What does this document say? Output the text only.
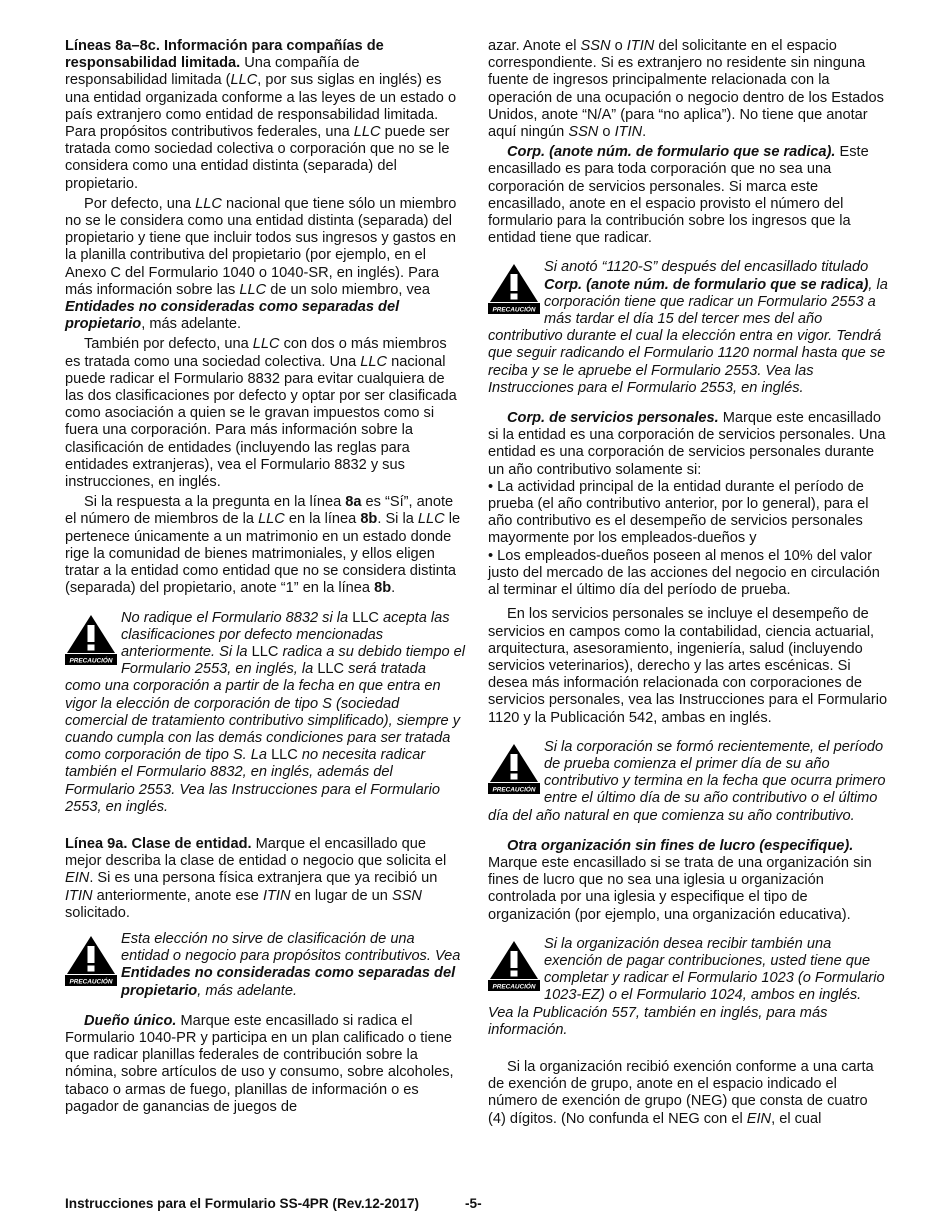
Líneas 8a–8c. Información para compañías de responsabilidad limitada. Una compañía de responsabilidad limitada (LLC, por sus siglas en inglés) es una entidad organizada conforme a las leyes de un estado o país extranjero como entidad de responsabilidad limitada. Para propósitos contributivos federales, una LLC puede ser tratada como sociedad colectiva o corporación que no se le considera como una entidad distinta (separada) del propietario.

Por defecto, una LLC nacional que tiene sólo un miembro no se le considera como una entidad distinta (separada) del propietario y tiene que incluir todos sus ingresos y gastos en la planilla contributiva del propietario (por ejemplo, en el Anexo C del Formulario 1040 o 1040-SR, en inglés). Para más información sobre las LLC de un solo miembro, vea Entidades no consideradas como separadas del propietario, más adelante.

También por defecto, una LLC con dos o más miembros es tratada como una sociedad colectiva. Una LLC nacional puede radicar el Formulario 8832 para evitar cualquiera de las dos clasificaciones por defecto y optar por ser clasificada como asociación a quien se le gravan impuestos como si fuera una corporación. Para más información sobre la clasificación de entidades (incluyendo las reglas para entidades extranjeras), vea el Formulario 8832 y sus instrucciones, en inglés.

Si la respuesta a la pregunta en la línea 8a es “Sí”, anote el número de miembros de la LLC en la línea 8b. Si la LLC le pertenece únicamente a un matrimonio en un estado donde rige la comunidad de bienes matrimoniales, y ellos eligen tratar a la entidad como entidad que no se considera distinta (separada) del propietario, anote “1” en la línea 8b.

PRECAUCIÓN
No radique el Formulario 8832 si la LLC acepta las clasificaciones por defecto mencionadas anteriormente. Si la LLC radica a su debido tiempo el Formulario 2553, en inglés, la LLC será tratada como una corporación a partir de la fecha en que entra en vigor la elección de corporación de tipo S (sociedad comercial de tratamiento contributivo simplificado), siempre y cuando cumpla con las demás condiciones para ser tratada como corporación de tipo S. La LLC no necesita radicar también el Formulario 8832, en inglés, además del Formulario 2553. Vea las Instrucciones para el Formulario 2553, en inglés.

Línea 9a. Clase de entidad. Marque el encasillado que mejor describa la clase de entidad o negocio que solicita el EIN. Si es una persona física extranjera que ya recibió un ITIN anteriormente, anote ese ITIN en lugar de un SSN solicitado.

PRECAUCIÓN
Esta elección no sirve de clasificación de una entidad o negocio para propósitos contributivos. Vea Entidades no consideradas como separadas del propietario, más adelante.

Dueño único. Marque este encasillado si radica el Formulario 1040-PR y participa en un plan calificado o tiene que radicar planillas federales de contribución sobre la nómina, sobre artículos de uso y consumo, sobre alcoholes, tabaco o armas de fuego, planillas de información o es pagador de ganancias de juegos de

azar. Anote el SSN o ITIN del solicitante en el espacio correspondiente. Si es extranjero no residente sin ninguna fuente de ingresos principalmente relacionada con la operación de una ocupación o negocio dentro de los Estados Unidos, anote “N/A” (para “no aplica”). No tiene que anotar aquí ningún SSN o ITIN.

Corp. (anote núm. de formulario que se radica). Este encasillado es para toda corporación que no sea una corporación de servicios personales. Si marca este encasillado, anote en el espacio provisto el número del formulario para la contribución sobre los ingresos que la entidad tiene que radicar.

PRECAUCIÓN
Si anotó “1120-S” después del encasillado titulado Corp. (anote núm. de formulario que se radica), la corporación tiene que radicar un Formulario 2553 a más tardar el día 15 del tercer mes del año contributivo durante el cual la elección entra en vigor. Tendrá que seguir radicando el Formulario 1120 normal hasta que se reciba y se le apruebe el Formulario 2553. Vea las Instrucciones para el Formulario 2553, en inglés.

Corp. de servicios personales. Marque este encasillado si la entidad es una corporación de servicios personales. Una entidad es una corporación de servicios personales durante un año contributivo solamente si:

• La actividad principal de la entidad durante el período de prueba (el año contributivo anterior, por lo general), para el año contributivo es el desempeño de servicios personales mayormente por los empleados-dueños y

• Los empleados-dueños poseen al menos el 10% del valor justo del mercado de las acciones del negocio en circulación al terminar el último día del período de prueba.

En los servicios personales se incluye el desempeño de servicios en campos como la contabilidad, ciencia actuarial, arquitectura, asesoramiento, ingeniería, salud (incluyendo servicios veterinarios), derecho y las artes escénicas. Si desea más información relacionada con corporaciones de servicios personales, vea las Instrucciones para el Formulario 1120 y la Publicación 542, ambas en inglés.

PRECAUCIÓN
Si la corporación se formó recientemente, el período de prueba comienza el primer día de su año contributivo y termina en la fecha que ocurra primero entre el último día de su año contributivo o el último día del año natural en que comienza su año contributivo.

Otra organización sin fines de lucro (especifique). Marque este encasillado si se trata de una organización sin fines de lucro que no sea una iglesia u organización controlada por una iglesia y especifique el tipo de organización (por ejemplo, una organización educativa).

PRECAUCIÓN
Si la organización desea recibir también una exención de pagar contribuciones, usted tiene que completar y radicar el Formulario 1023 (o Formulario 1023-EZ) o el Formulario 1024, ambos en inglés. Vea la Publicación 557, también en inglés, para más información.

Si la organización recibió exención conforme a una carta de exención de grupo, anote en el espacio indicado el número de exención de grupo (NEG) que consta de cuatro (4) dígitos. (No confunda el NEG con el EIN, el cual

Instrucciones para el Formulario SS-4PR (Rev.12-2017)	-5-
